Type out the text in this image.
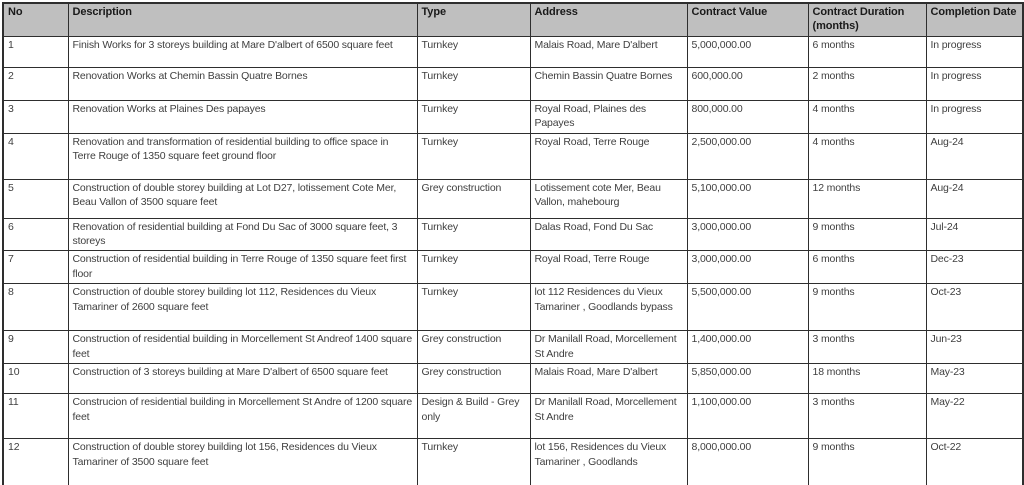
No	Description	Type	Address	Contract Value	Contract Duration (months)	Completion Date
1	Finish Works for 3 storeys building at Mare D'albert of 6500 square feet	Turnkey	Malais Road, Mare D'albert	5,000,000.00	6 months	In progress
2	Renovation Works at Chemin Bassin Quatre Bornes	Turnkey	Chemin Bassin Quatre Bornes	600,000.00	2 months	In progress
3	Renovation Works at Plaines Des papayes	Turnkey	Royal Road, Plaines des Papayes	800,000.00	4 months	In progress
4	Renovation and transformation of residential building to office space in Terre Rouge of 1350 square feet ground floor	Turnkey	Royal Road, Terre Rouge	2,500,000.00	4 months	Aug-24
5	Construction of double storey building at Lot D27, lotissement Cote Mer, Beau Vallon of 3500 square feet	Grey construction	Lotissement cote Mer, Beau Vallon, mahebourg	5,100,000.00	12 months	Aug-24
6	Renovation of residential building at Fond Du Sac of 3000 square feet, 3 storeys	Turnkey	Dalas Road, Fond Du Sac	3,000,000.00	9 months	Jul-24
7	Construction of residential building in Terre Rouge of 1350 square feet first floor	Turnkey	Royal Road, Terre Rouge	3,000,000.00	6 months	Dec-23
8	Construction of double storey building lot 112, Residences du Vieux Tamariner of 2600 square feet	Turnkey	lot 112 Residences du Vieux Tamariner , Goodlands bypass	5,500,000.00	9 months	Oct-23
9	Construction of residential building in Morcellement St Andreof 1400 square feet	Grey construction	Dr Manilall Road, Morcellement St Andre	1,400,000.00	3 months	Jun-23
10	Construction of 3 storeys building at Mare D'albert of 6500 square feet	Grey construction	Malais Road, Mare D'albert	5,850,000.00	18 months	May-23
11	Construcion of residential building in Morcellement St Andre of 1200 square feet	Design & Build - Grey only	Dr Manilall Road, Morcellement St Andre	1,100,000.00	3 months	May-22
12	Construction of double storey building lot 156, Residences du Vieux Tamariner of 3500 square feet	Turnkey	lot 156, Residences du Vieux Tamariner , Goodlands	8,000,000.00	9 months	Oct-22
